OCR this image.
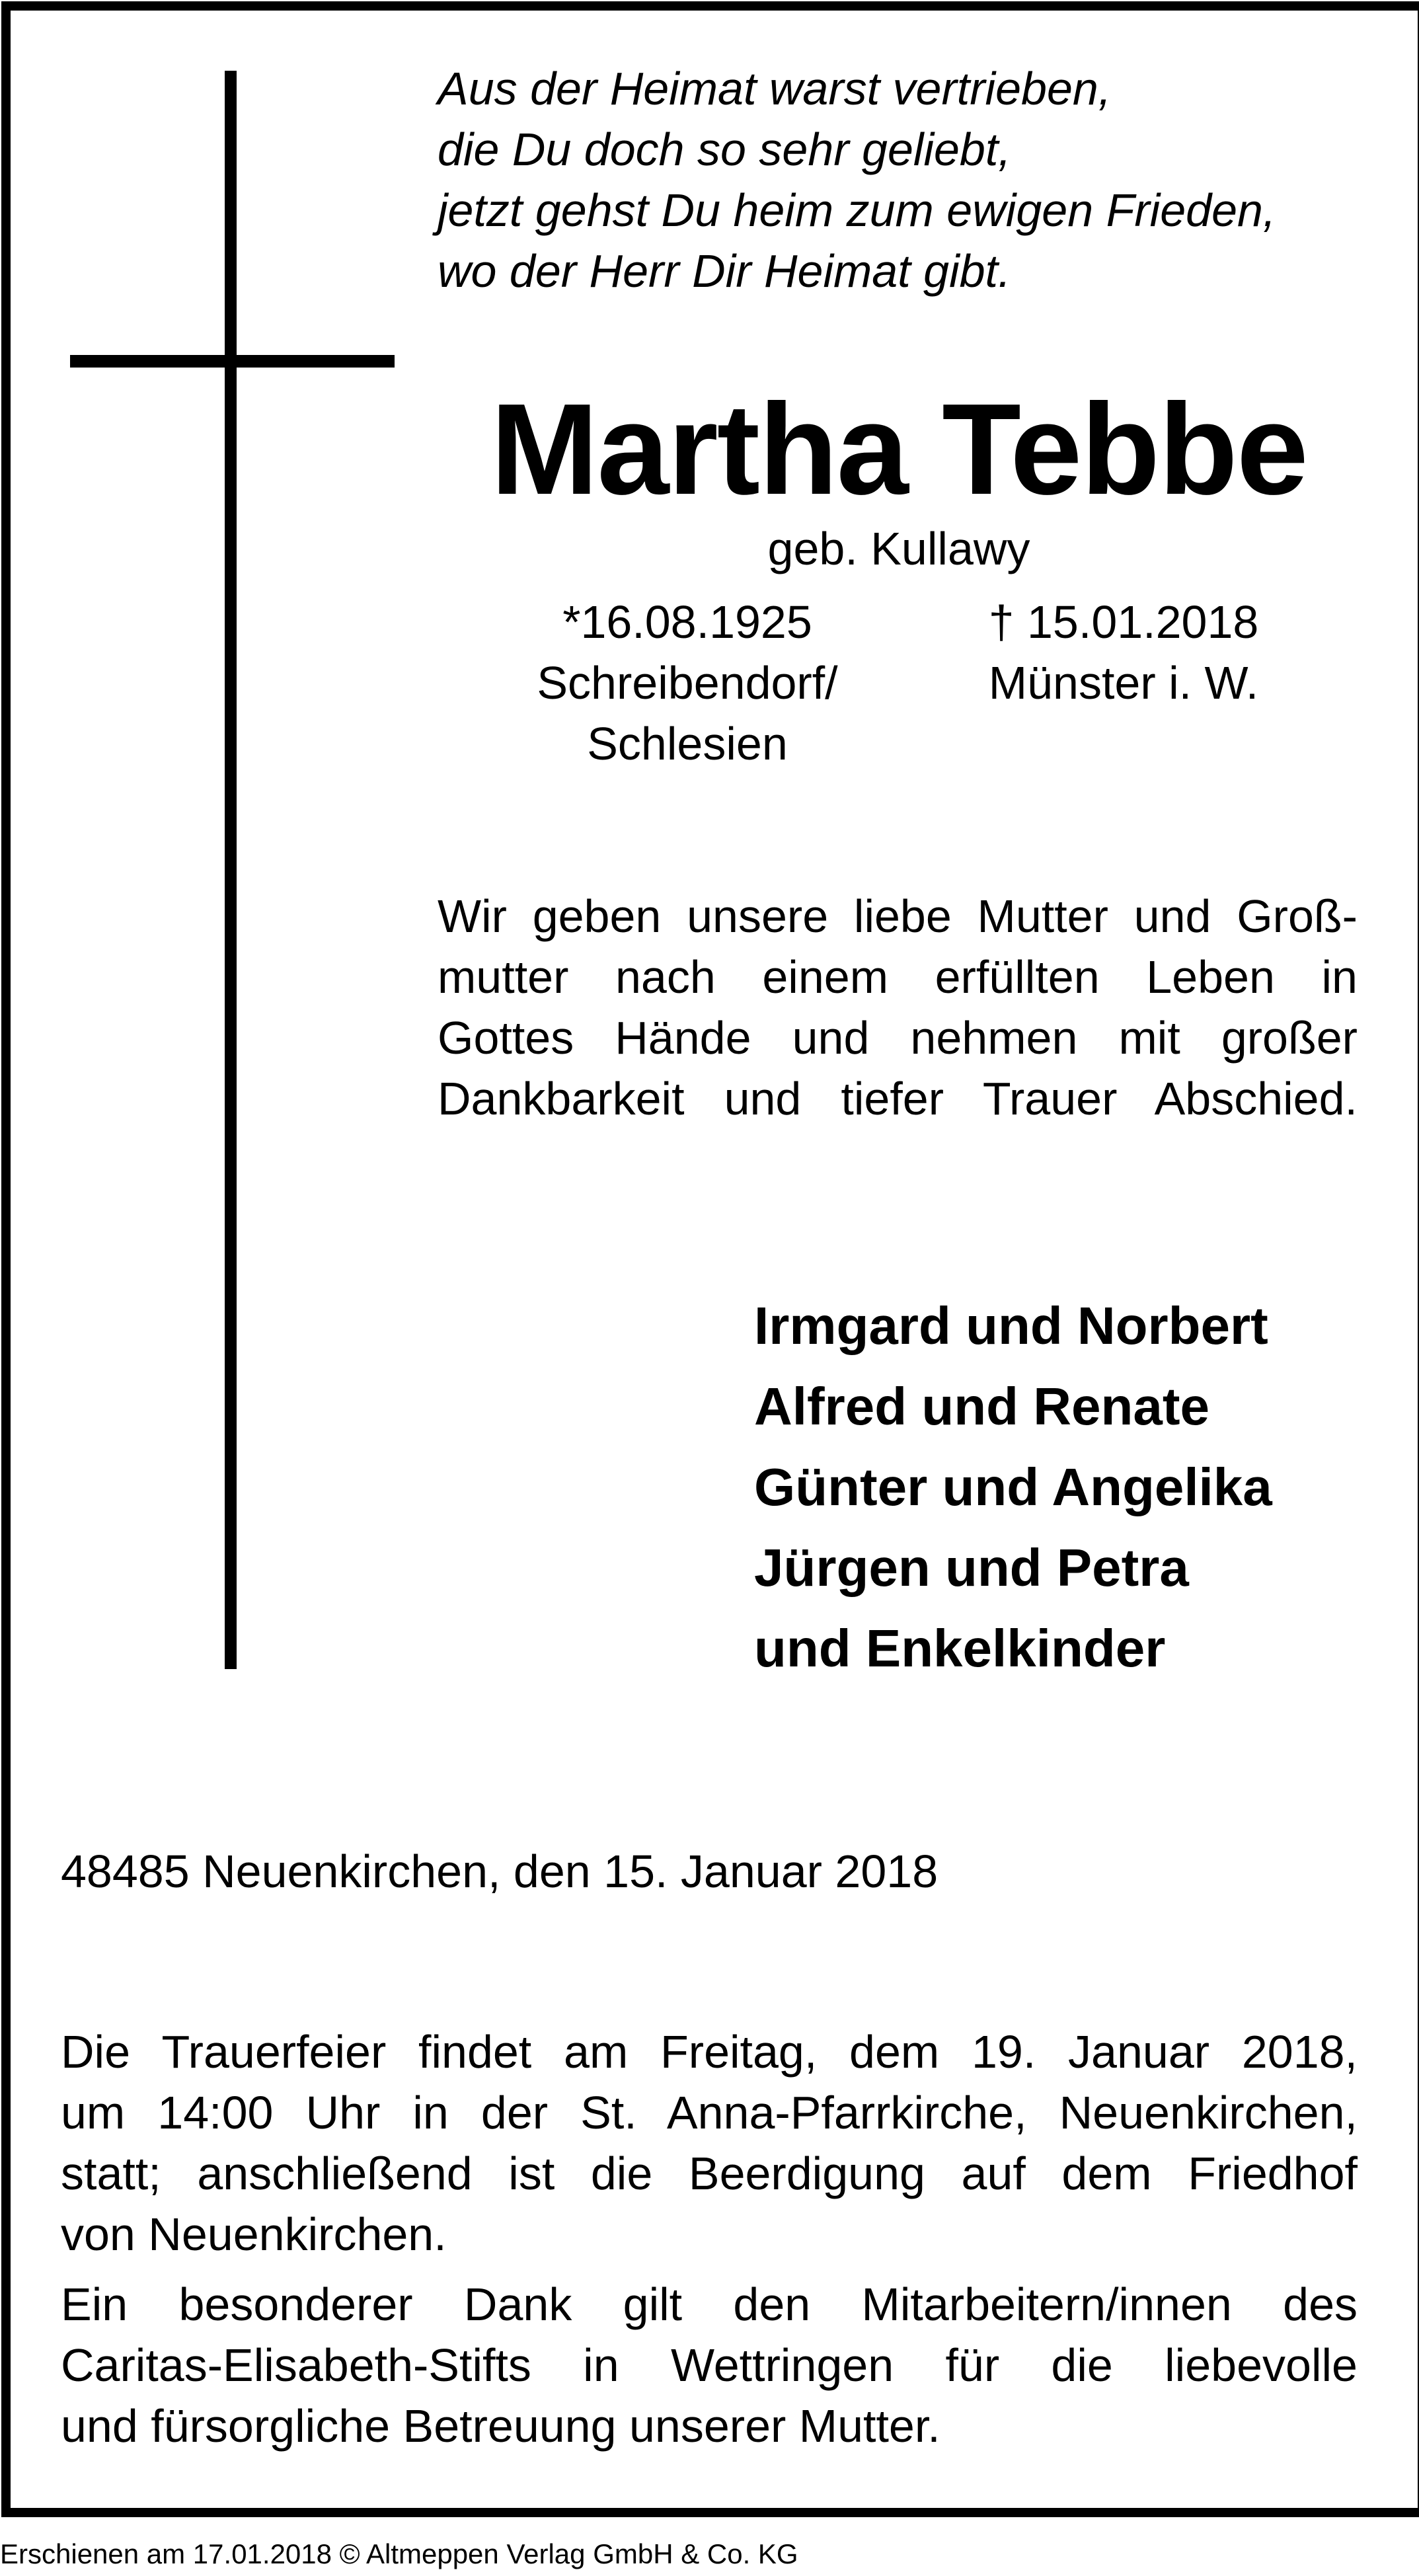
Aus der Heimat warst vertrieben,
die Du doch so sehr geliebt,
jetzt gehst Du heim zum ewigen Frieden,
wo der Herr Dir Heimat gibt.
Martha Tebbe
geb. Kullawy
*16.08.1925
Schreibendorf/
Schlesien
† 15.01.2018
Münster i. W.
Wir geben unsere liebe Mutter und Groß-
mutter nach einem erfüllten Leben in
Gottes Hände und nehmen mit großer
Dankbarkeit und tiefer Trauer Abschied.
Irmgard und Norbert
Alfred und Renate
Günter und Angelika
Jürgen und Petra
und Enkelkinder
48485 Neuenkirchen, den 15. Januar 2018
Die Trauerfeier findet am Freitag, dem 19. Januar 2018,
um 14:00 Uhr in der St. Anna-Pfarrkirche, Neuenkirchen,
statt; anschließend ist die Beerdigung auf dem Friedhof
von Neuenkirchen.
Ein besonderer Dank gilt den Mitarbeitern/innen des
Caritas-Elisabeth-Stifts in Wettringen für die liebevolle
und fürsorgliche Betreuung unserer Mutter.
Erschienen am 17.01.2018 © Altmeppen Verlag GmbH & Co. KG
